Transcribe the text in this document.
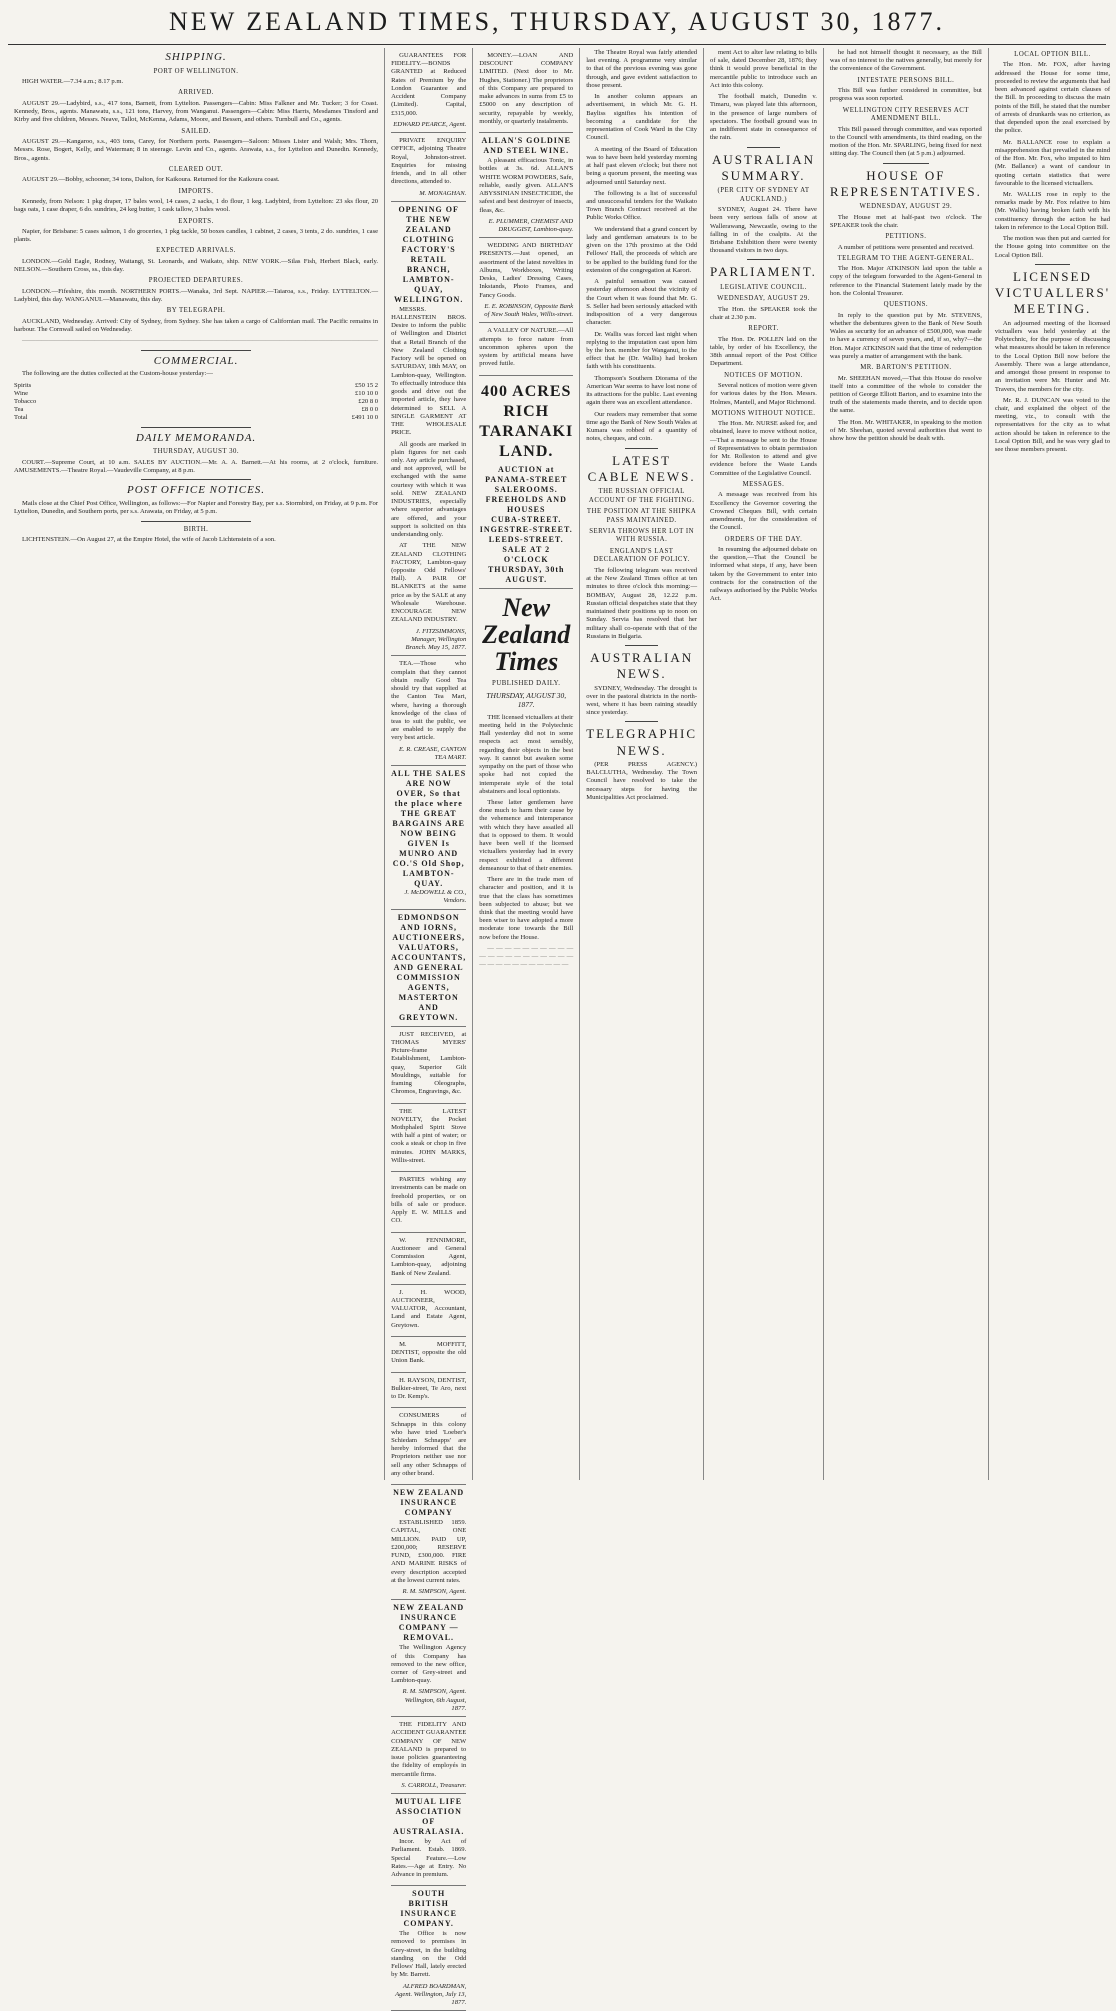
NEW ZEALAND TIMES, THURSDAY, AUGUST 30, 1877.
SHIPPING.
PORT OF WELLINGTON.

HIGH WATER.—7.34 a.m.; 8.17 p.m.

ARRIVED.

AUGUST 29.—Ladybird, s.s., 417 tons, Barnett, from Lyttelton. Passengers—Cabin: Miss Falkner and Mr. Tucker; 3 for Coast. Kennedy, Bros., agents. Manawatu, s.s., 121 tons, Harvey, from Wanganui. Passengers—Cabin: Miss Harris, Mesdames Tinsford and Kirby and five children, Messrs. Neave, Tallot, McKenna, Adams, Moore, and Bessen, and others. Turnbull and Co., agents.

SAILED.

AUGUST 29.—Kangaroo, s.s., 403 tons, Carey, for Northern ports. Passengers—Saloon: Misses Lister and Walsh; Mrs. Thorn, Messrs. Rose, Bogert, Kelly, and Waterman; 8 in steerage. Levin and Co., agents. Arawata, s.s., for Lyttelton and Dunedin. Kennedy, Bros., agents.

CLEARED OUT.

AUGUST 29.—Bobby, schooner, 34 tons, Dalton, for Kaikoura. Returned for the Kaikoura coast.

IMPORTS.

Kennedy, from Nelson: 1 pkg draper, 17 bales wool, 14 cases, 2 sacks, 1 do flour, 1 keg. Ladybird, from Lyttelton: 23 sks flour, 20 bags oats, 1 case draper, 6 do. sundries, 24 keg butter, 1 cask tallow, 3 bales wool.

EXPORTS.

Napier, for Brisbane: 5 cases salmon, 1 do groceries, 1 pkg tackle, 50 boxes candles, 1 cabinet, 2 cases, 3 tents, 2 do. sundries, 1 case plants.

EXPECTED ARRIVALS.

LONDON.—Gold Eagle, Rodney, Waitangi, St. Leonards, and Waikato, ship. NEW YORK.—Silas Fish, Herbert Black, early. NELSON.—Southern Cross, ss., this day.

PROJECTED DEPARTURES.

LONDON.—Fifeshire, this month. NORTHERN PORTS.—Wanaka, 3rd Sept. NAPIER.—Taiaroa, s.s., Friday. LYTTELTON.—Ladybird, this day. WANGANUI.—Manawatu, this day.

BY TELEGRAPH.

AUCKLAND, Wednesday. Arrived: City of Sydney, from Sydney. She has taken a cargo of Californian mail. The Pacific remains in harbour. The Cornwall sailed on Wednesday.

——————————————————————————————————————————————————————

COMMERCIAL.

The following are the duties collected at the Custom-house yesterday:—

Spirits	£50 15 2
Wine	£10 10 0
Tobacco	£20 8 0
Tea	£8 0 0
Total	£491 10 0
DAILY MEMORANDA.
THURSDAY, AUGUST 30.

COURT.—Supreme Court, at 10 a.m. SALES BY AUCTION.—Mr. A. A. Barnett.—At his rooms, at 2 o'clock, furniture. AMUSEMENTS.—Theatre Royal.—Vaudeville Company, at 8 p.m.

POST OFFICE NOTICES.

Mails close at the Chief Post Office, Wellington, as follows:—For Napier and Forestry Bay, per s.s. Stormbird, on Friday, at 9 p.m. For Lyttelton, Dunedin, and Southern ports, per s.s. Arawata, on Friday, at 5 p.m.

BIRTH.

LICHTENSTEIN.—On August 27, at the Empire Hotel, the wife of Jacob Lichtenstein of a son.

GUARANTEES FOR FIDELITY.—BONDS GRANTED at Reduced Rates of Premium by the London Guarantee and Accident Company (Limited). Capital, £315,000.

EDWARD PEARCE, Agent.

PRIVATE ENQUIRY OFFICE, adjoining Theatre Royal, Johnston-street. Enquiries for missing friends, and in all other directions, attended to.

M. MONAGHAN.
OPENING OF THE NEW ZEALAND CLOTHING FACTORY'S RETAIL BRANCH, LAMBTON-QUAY, WELLINGTON.

MESSRS. HALLENSTEIN BROS. Desire to inform the public of Wellington and District that a Retail Branch of the New Zealand Clothing Factory will be opened on SATURDAY, 18th MAY, on Lambton-quay, Wellington. To effectually introduce this goods and drive out the imported article, they have determined to SELL A SINGLE GARMENT AT THE WHOLESALE PRICE.

All goods are marked in plain figures for net cash only. Any article purchased, and not approved, will be exchanged with the same courtesy with which it was sold. NEW ZEALAND INDUSTRIES, especially where superior advantages are offered, and your support is solicited on this understanding only.

AT THE NEW ZEALAND CLOTHING FACTORY, Lambton-quay (opposite Odd Fellows' Hall). A PAIR OF BLANKETS at the same price as by the SALE at any Wholesale Warehouse. ENCOURAGE NEW ZEALAND INDUSTRY.

J. FITZSIMMONS, Manager, Wellington Branch. May 15, 1877.

TEA.—Those who complain that they cannot obtain really Good Tea should try that supplied at the Canton Tea Mart, where, having a thorough knowledge of the class of teas to suit the public, we are enabled to supply the very best article.

E. R. CREASE, CANTON TEA MART.
ALL THE SALES ARE NOW OVER, So that the place where THE GREAT BARGAINS ARE NOW BEING GIVEN Is MUNRO AND CO.'S Old Shop, LAMBTON-QUAY.
J. McDOWELL & CO., Vendors.
EDMONDSON AND IORNS, AUCTIONEERS, VALUATORS, ACCOUNTANTS, AND GENERAL COMMISSION AGENTS, MASTERTON AND GREYTOWN.

JUST RECEIVED, at THOMAS MYERS' Picture-frame Establishment, Lambton-quay, Superior Gilt Mouldings, suitable for framing Oleographs, Chromos, Engravings, &c.

THE LATEST NOVELTY, the Pocket Mothphaled Spirit Stove with half a pint of water; or cook a steak or chop in five minutes. JOHN MARKS, Willis-street.

PARTIES wishing any investments can be made on freehold properties, or on bills of sale or produce. Apply E. W. MILLS and CO.

W. FENNIMORE, Auctioneer and General Commission Agent, Lambton-quay, adjoining Bank of New Zealand.

J. H. WOOD, AUCTIONEER, VALUATOR, Accountant, Land and Estate Agent, Greytown.

M. MOFFITT, DENTIST, opposite the old Union Bank.

H. RAYSON, DENTIST, Bulkier-street, Te Aro, next to Dr. Kemp's.

CONSUMERS of Schnapps in this colony who have tried 'Loeber's Schiedam Schnapps' are hereby informed that the Proprietors neither use nor sell any other Schnapps of any other brand.

NEW ZEALAND INSURANCE COMPANY

ESTABLISHED 1859. CAPITAL, ONE MILLION. PAID UP, £200,000; RESERVE FUND, £300,000. FIRE AND MARINE RISKS of every description accepted at the lowest current rates.

R. M. SIMPSON, Agent.
NEW ZEALAND INSURANCE COMPANY — REMOVAL.

The Wellington Agency of this Company has removed to the new office, corner of Grey-street and Lambton-quay.

R. M. SIMPSON, Agent. Wellington, 6th August, 1877.

THE FIDELITY AND ACCIDENT GUARANTEE COMPANY OF NEW ZEALAND is prepared to issue policies guaranteeing the fidelity of employés in mercantile firms.

S. CARROLL, Treasurer.
MUTUAL LIFE ASSOCIATION OF AUSTRALASIA.

Incor. by Act of Parliament. Estab. 1869. Special Feature.—Low Rates.—Age at Entry. No Advance in premium.

SOUTH BRITISH INSURANCE COMPANY.

The Office is now removed to premises in Grey-street, in the building standing on the Odd Fellows' Hall, lately erected by Mr. Barrett.

ALFRED BOARDMAN, Agent. Wellington, July 13, 1877.

MONEY.—LOAN AND DISCOUNT COMPANY LIMITED. (Next door to Mr. Hughes, Stationer.) The proprietors of this Company are prepared to make advances in sums from £5 to £5000 on any description of security, repayable by weekly, monthly, or quarterly instalments.

ALLAN'S GOLDINE AND STEEL WINE.

A pleasant efficacious Tonic, in bottles at 3s. 6d. ALLAN'S WHITE WORM POWDERS, Safe, reliable, easily given. ALLAN'S ABYSSINIAN INSECTICIDE, the safest and best destroyer of insects, fleas, &c.

E. PLUMMER, CHEMIST AND DRUGGIST, Lambton-quay.

WEDDING AND BIRTHDAY PRESENTS.—Just opened, an assortment of the latest novelties in Albums, Workboxes, Writing Desks, Ladies' Dressing Cases, Inkstands, Photo Frames, and Fancy Goods.

E. E. ROBINSON, Opposite Bank of New South Wales, Willis-street.

A VALLEY OF NATURE.—All attempts to force nature from uncommon spheres upon the system by artificial means have proved futile.

400 ACRES RICH TARANAKI LAND.
AUCTION at PANAMA-STREET SALEROOMS.
FREEHOLDS AND HOUSES
CUBA-STREET.
INGESTRE-STREET.
LEEDS-STREET.
SALE AT 2 O'CLOCK
THURSDAY, 30th AUGUST.
New Zealand Times
PUBLISHED DAILY.
THURSDAY, AUGUST 30, 1877.

THE licensed victuallers at their meeting held in the Polytechnic Hall yesterday did not in some respects act most sensibly, regarding their objects in the best way. It cannot but awaken some sympathy on the part of those who spoke had not copied the intemperate style of the total abstainers and local optionists.

These latter gentlemen have done much to harm their cause by the vehemence and intemperance with which they have assailed all that is opposed to them. It would have been well if the licensed victuallers yesterday had in every respect exhibited a different demeanour to that of their enemies.

There are in the trade men of character and position, and it is true that the class has sometimes been subjected to abuse; but we think that the meeting would have been wiser to have adopted a more moderate tone towards the Bill now before the House.

— — — — — — — — — — — — — — — — — — — — — — — — — — — — — — — —

The Theatre Royal was fairly attended last evening. A programme very similar to that of the previous evening was gone through, and gave evident satisfaction to those present.

In another column appears an advertisement, in which Mr. G. H. Bayliss signifies his intention of becoming a candidate for the representation of Cook Ward in the City Council.

A meeting of the Board of Education was to have been held yesterday morning at half past eleven o'clock; but there not being a quorum present, the meeting was adjourned until Saturday next.

The following is a list of successful and unsuccessful tenders for the Waikato Town Branch Contract received at the Public Works Office.

We understand that a grand concert by lady and gentleman amateurs is to be given on the 17th proximo at the Odd Fellows' Hall, the proceeds of which are to be applied to the building fund for the extension of the congregation at Karori.

A painful sensation was caused yesterday afternoon about the vicinity of the Court when it was found that Mr. G. S. Seller had been seriously attacked with indisposition of a very dangerous character.

Dr. Wallis was forced last night when replying to the imputation cast upon him by the hon. member for Wanganui, to the effect that he (Dr. Wallis) had broken faith with his constituents.

Thompson's Southern Diorama of the American War seems to have lost none of its attractions for the public. Last evening again there was an excellent attendance.

Our readers may remember that some time ago the Bank of New South Wales at Kumara was robbed of a quantity of notes, cheques, and coin.

LATEST CABLE NEWS.
THE RUSSIAN OFFICIAL ACCOUNT OF THE FIGHTING.
THE POSITION AT THE SHIPKA PASS MAINTAINED.
SERVIA THROWS HER LOT IN WITH RUSSIA.
ENGLAND'S LAST DECLARATION OF POLICY.

The following telegram was received at the New Zealand Times office at ten minutes to three o'clock this morning:— BOMBAY, August 28, 12.22 p.m. Russian official despatches state that they maintained their positions up to noon on Sunday. Servia has resolved that her military shall co-operate with that of the Russians in Bulgaria.

AUSTRALIAN NEWS.

SYDNEY, Wednesday. The drought is over in the pastoral districts in the north-west, where it has been raining steadily since yesterday.

TELEGRAPHIC NEWS.

(PER PRESS AGENCY.) BALCLUTHA, Wednesday. The Town Council have resolved to take the necessary steps for having the Municipalities Act proclaimed.

ment Act to alter law relating to bills of sale, dated December 28, 1876; they think it would prove beneficial in the mercantile public to introduce such an Act into this colony.

The football match, Dunedin v. Timaru, was played late this afternoon, in the presence of large numbers of spectators. The football ground was in an indifferent state in consequence of the rain.

AUSTRALIAN SUMMARY.
(PER CITY OF SYDNEY AT AUCKLAND.)

SYDNEY, August 24. There have been very serious falls of snow at Wallerawang, Newcastle, owing to the falling in of the coalpits. At the Brisbane Exhibition there were twenty thousand visitors in two days.

PARLIAMENT.
LEGISLATIVE COUNCIL.
WEDNESDAY, AUGUST 29.

The Hon. the SPEAKER took the chair at 2.30 p.m.

REPORT.

The Hon. Dr. POLLEN laid on the table, by order of his Excellency, the 38th annual report of the Post Office Department.

NOTICES OF MOTION.

Several notices of motion were given for various dates by the Hon. Messrs. Holmes, Mantell, and Major Richmond.

MOTIONS WITHOUT NOTICE.

The Hon. Mr. NURSE asked for, and obtained, leave to move without notice,—That a message be sent to the House of Representatives to obtain permission for Mr. Rolleston to attend and give evidence before the Waste Lands Committee of the Legislative Council.

MESSAGES.

A message was received from his Excellency the Governor covering the Crowned Cheques Bill, with certain amendments, for the consideration of the Council.

ORDERS OF THE DAY.

In resuming the adjourned debate on the question,—That the Council be informed what steps, if any, have been taken by the Government to enter into contracts for the construction of the railways authorised by the Public Works Act.

he had not himself thought it necessary, as the Bill was of no interest to the natives generally, but merely for the convenience of the Government.

INTESTATE PERSONS BILL.

This Bill was further considered in committee, but progress was soon reported.

WELLINGTON CITY RESERVES ACT AMENDMENT BILL.

This Bill passed through committee, and was reported to the Council with amendments, its third reading, on the motion of the Hon. Mr. SPARLING, being fixed for next sitting day. The Council then (at 5 p.m.) adjourned.

HOUSE OF REPRESENTATIVES.
WEDNESDAY, AUGUST 29.

The House met at half-past two o'clock. The SPEAKER took the chair.

PETITIONS.

A number of petitions were presented and received.

TELEGRAM TO THE AGENT-GENERAL.

The Hon. Major ATKINSON laid upon the table a copy of the telegram forwarded to the Agent-General in reference to the Financial Statement lately made by the hon. the Colonial Treasurer.

QUESTIONS.

In reply to the question put by Mr. STEVENS, whether the debentures given to the Bank of New South Wales as security for an advance of £500,000, was made to have a currency of seven years, and, if so, why?—the Hon. Major ATKINSON said that the time of redemption was purely a matter of arrangement with the bank.

MR. BARTON'S PETITION.

Mr. SHEEHAN moved,—That this House do resolve itself into a committee of the whole to consider the petition of George Elliott Barton, and to examine into the truth of the statements made therein, and to decide upon the same.

The Hon. Mr. WHITAKER, in speaking to the motion of Mr. Sheehan, quoted several authorities that went to show how the petition should be dealt with.

LOCAL OPTION BILL.

The Hon. Mr. FOX, after having addressed the House for some time, proceeded to review the arguments that had been advanced against certain clauses of the Bill. In proceeding to discuss the main points of the Bill, he stated that the number of arrests of drunkards was no criterion, as that depended upon the zeal exercised by the police.

Mr. BALLANCE rose to explain a misapprehension that prevailed in the mind of the Hon. Mr. Fox, who imputed to him (Mr. Ballance) a want of candour in quoting certain statistics that were favourable to the licensed victuallers.

Mr. WALLIS rose in reply to the remarks made by Mr. Fox relative to him (Mr. Wallis) having broken faith with his constituency through the action he had taken in reference to the Local Option Bill.

The motion was then put and carried for the House going into committee on the Local Option Bill.

LICENSED VICTUALLERS' MEETING.

An adjourned meeting of the licensed victuallers was held yesterday at the Polytechnic, for the purpose of discussing what measures should be taken in reference to the Local Option Bill now before the Assembly. There was a large attendance, and amongst those present in response to an invitation were Mr. Hunter and Mr. Travers, the members for the city.

Mr. R. J. DUNCAN was voted to the chair, and explained the object of the meeting, viz., to consult with the representatives for the city as to what action should be taken in reference to the Local Option Bill, and he was very glad to see those members present.
